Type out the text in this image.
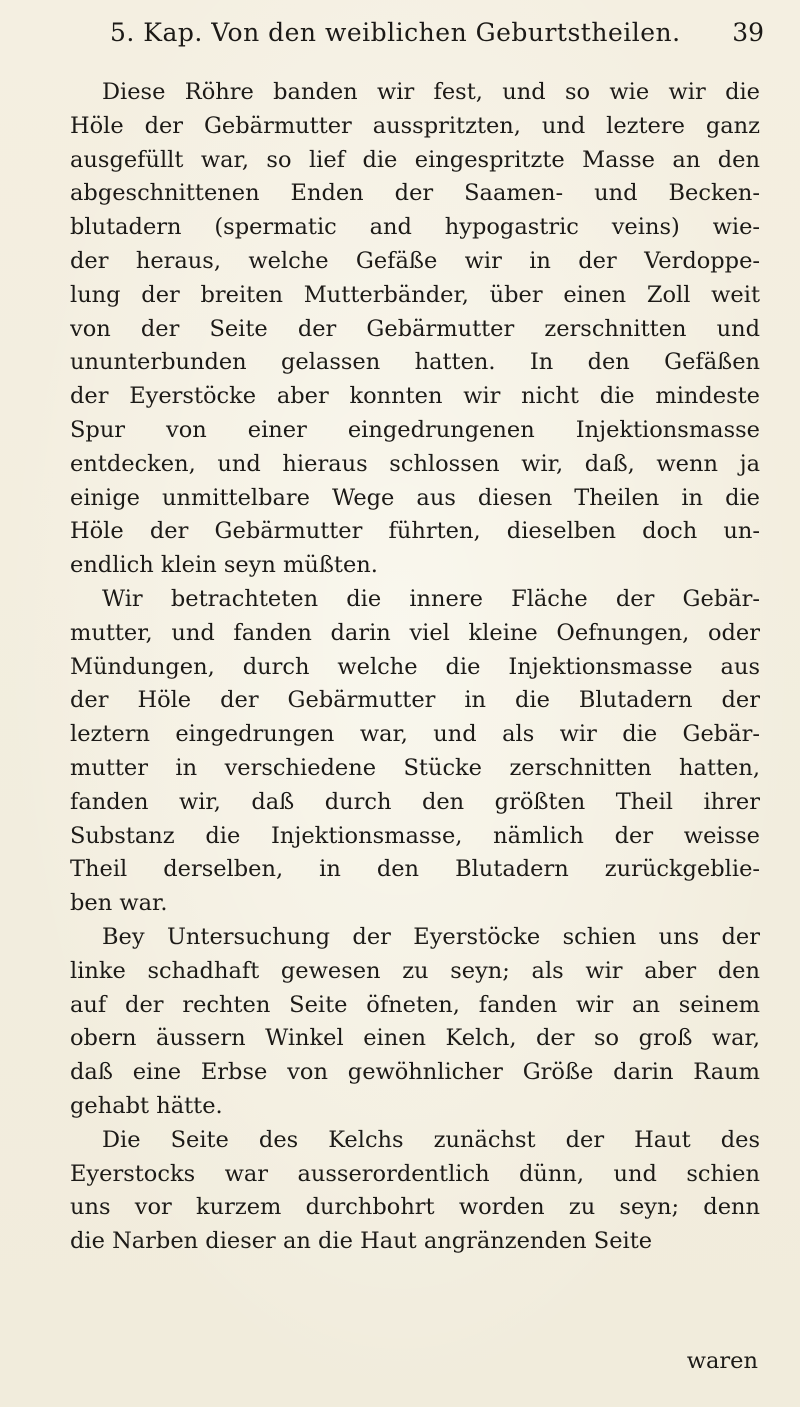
5. Kap. Von den weiblichen Geburtstheilen. 39
Diese Röhre banden wir fest, und so wie wir die
Höle der Gebärmutter ausspritzten, und leztere ganz
ausgefüllt war, so lief die eingespritzte Masse an den
abgeschnittenen Enden der Saamen- und Becken-
blutadern (spermatic and hypogastric veins) wie-
der heraus, welche Gefäße wir in der Verdoppe-
lung der breiten Mutterbänder, über einen Zoll weit
von der Seite der Gebärmutter zerschnitten und
ununterbunden gelassen hatten. In den Gefäßen
der Eyerstöcke aber konnten wir nicht die mindeste
Spur von einer eingedrungenen Injektionsmasse
entdecken, und hieraus schlossen wir, daß, wenn ja
einige unmittelbare Wege aus diesen Theilen in die
Höle der Gebärmutter führten, dieselben doch un-
endlich klein seyn müßten.
Wir betrachteten die innere Fläche der Gebär-
mutter, und fanden darin viel kleine Oefnungen, oder
Mündungen, durch welche die Injektionsmasse aus
der Höle der Gebärmutter in die Blutadern der
leztern eingedrungen war, und als wir die Gebär-
mutter in verschiedene Stücke zerschnitten hatten,
fanden wir, daß durch den größten Theil ihrer
Substanz die Injektionsmasse, nämlich der weisse
Theil derselben, in den Blutadern zurückgeblie-
ben war.
Bey Untersuchung der Eyerstöcke schien uns der
linke schadhaft gewesen zu seyn; als wir aber den
auf der rechten Seite öfneten, fanden wir an seinem
obern äussern Winkel einen Kelch, der so groß war,
daß eine Erbse von gewöhnlicher Größe darin Raum
gehabt hätte.
Die Seite des Kelchs zunächst der Haut des
Eyerstocks war ausserordentlich dünn, und schien
uns vor kurzem durchbohrt worden zu seyn; denn
die Narben dieser an die Haut angränzenden Seite
waren
